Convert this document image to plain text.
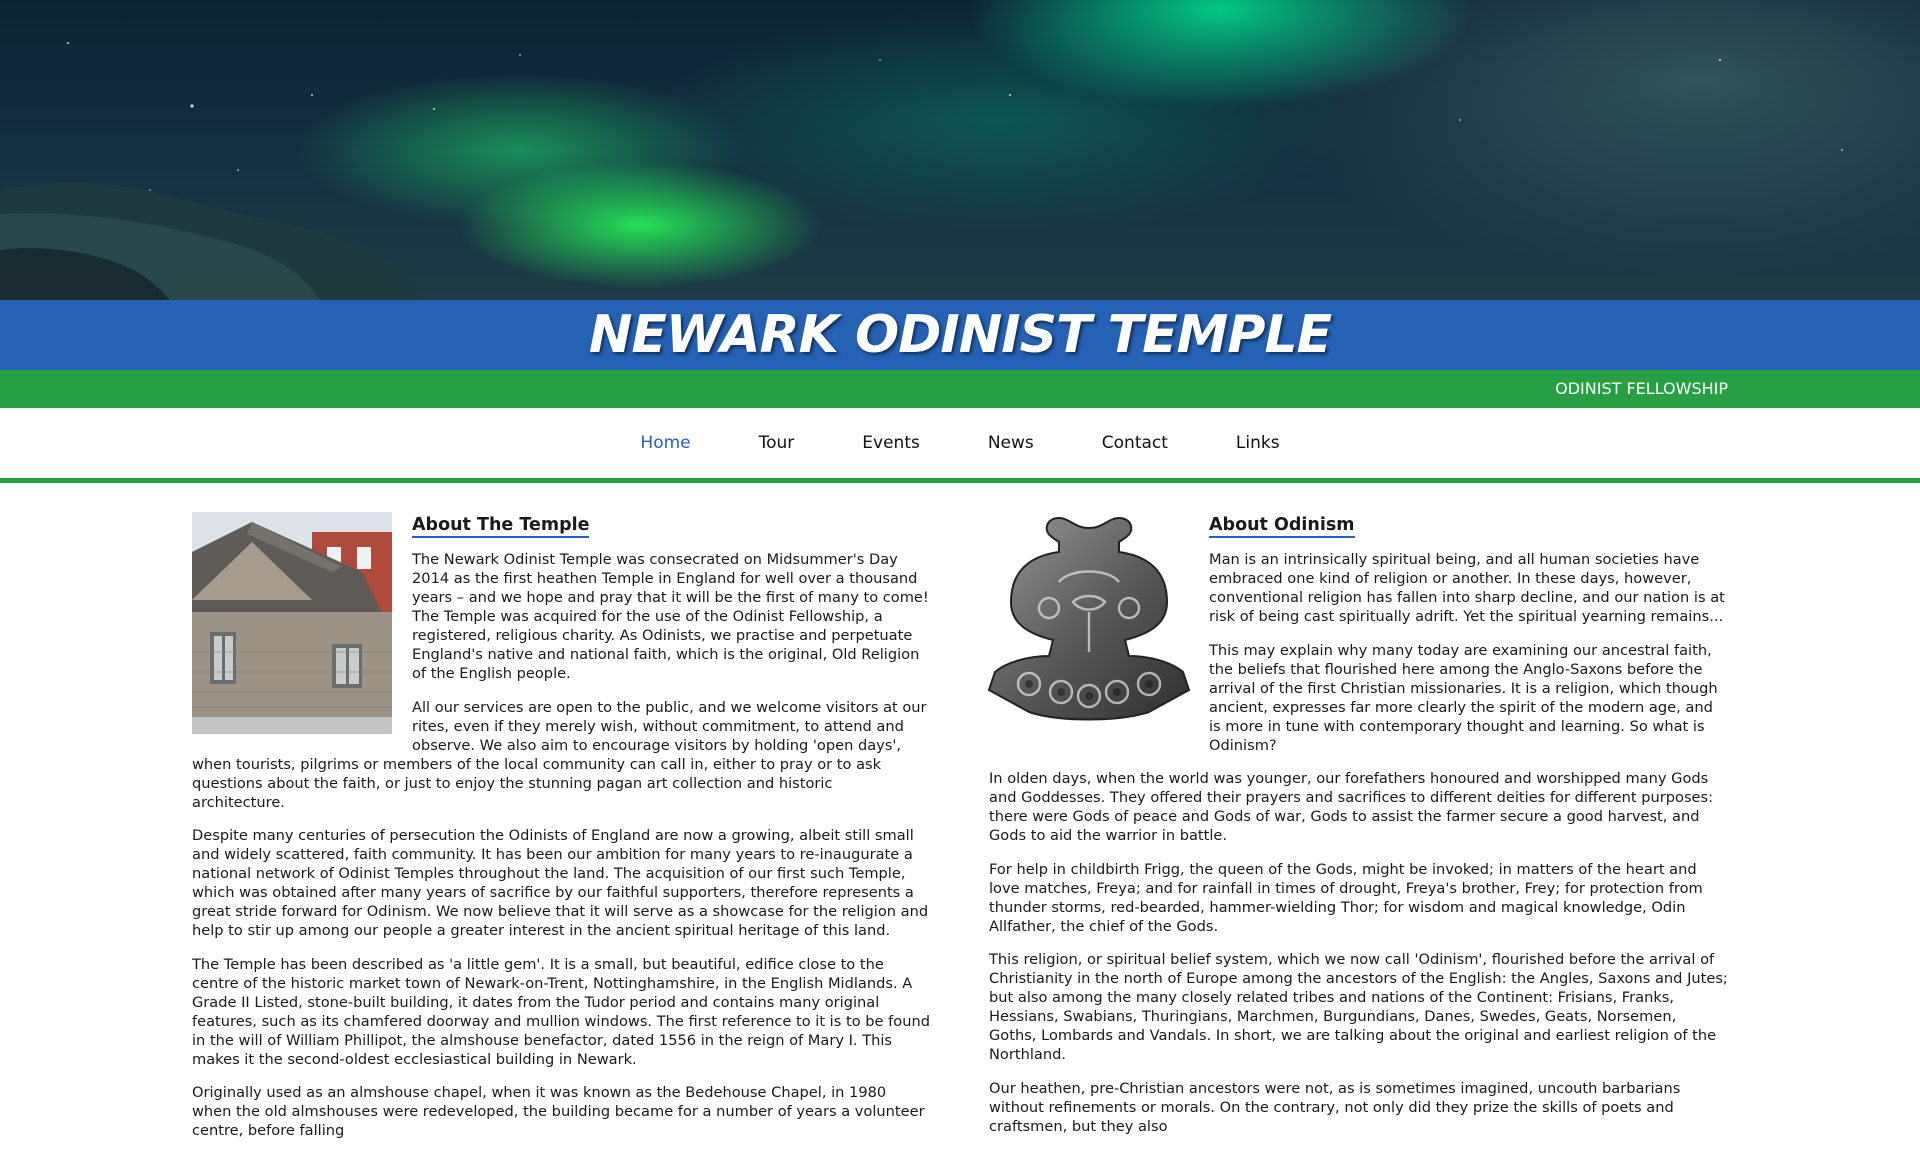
NEWARK ODINIST TEMPLE
ODINIST FELLOWSHIP
Home	Tour	Events	News	Contact	Links
About The Temple

The Newark Odinist Temple was consecrated on Midsummer's Day 2014 as the first heathen Temple in England for well over a thousand years – and we hope and pray that it will be the first of many to come! The Temple was acquired for the use of the Odinist Fellowship, a registered, religious charity. As Odinists, we practise and perpetuate England's native and national faith, which is the original, Old Religion of the English people.

All our services are open to the public, and we welcome visitors at our rites, even if they merely wish, without commitment, to attend and observe. We also aim to encourage visitors by holding 'open days', when tourists, pilgrims or members of the local community can call in, either to pray or to ask questions about the faith, or just to enjoy the stunning pagan art collection and historic architecture.

Despite many centuries of persecution the Odinists of England are now a growing, albeit still small and widely scattered, faith community. It has been our ambition for many years to re-inaugurate a national network of Odinist Temples throughout the land. The acquisition of our first such Temple, which was obtained after many years of sacrifice by our faithful supporters, therefore represents a great stride forward for Odinism. We now believe that it will serve as a showcase for the religion and help to stir up among our people a greater interest in the ancient spiritual heritage of this land.

The Temple has been described as 'a little gem'. It is a small, but beautiful, edifice close to the centre of the historic market town of Newark-on-Trent, Nottinghamshire, in the English Midlands. A Grade II Listed, stone-built building, it dates from the Tudor period and contains many original features, such as its chamfered doorway and mullion windows. The first reference to it is to be found in the will of William Phillipot, the almshouse benefactor, dated 1556 in the reign of Mary I. This makes it the second-oldest ecclesiastical building in Newark.

Originally used as an almshouse chapel, when it was known as the Bedehouse Chapel, in 1980 when the old almshouses were redeveloped, the building became for a number of years a volunteer centre, before falling

About Odinism

Man is an intrinsically spiritual being, and all human societies have embraced one kind of religion or another. In these days, however, conventional religion has fallen into sharp decline, and our nation is at risk of being cast spiritually adrift. Yet the spiritual yearning remains...

This may explain why many today are examining our ancestral faith, the beliefs that flourished here among the Anglo-Saxons before the arrival of the first Christian missionaries. It is a religion, which though ancient, expresses far more clearly the spirit of the modern age, and is more in tune with contemporary thought and learning. So what is Odinism?

In olden days, when the world was younger, our forefathers honoured and worshipped many Gods and Goddesses. They offered their prayers and sacrifices to different deities for different purposes: there were Gods of peace and Gods of war, Gods to assist the farmer secure a good harvest, and Gods to aid the warrior in battle.

For help in childbirth Frigg, the queen of the Gods, might be invoked; in matters of the heart and love matches, Freya; and for rainfall in times of drought, Freya's brother, Frey; for protection from thunder storms, red-bearded, hammer-wielding Thor; for wisdom and magical knowledge, Odin Allfather, the chief of the Gods.

This religion, or spiritual belief system, which we now call 'Odinism', flourished before the arrival of Christianity in the north of Europe among the ancestors of the English: the Angles, Saxons and Jutes; but also among the many closely related tribes and nations of the Continent: Frisians, Franks, Hessians, Swabians, Thuringians, Marchmen, Burgundians, Danes, Swedes, Geats, Norsemen, Goths, Lombards and Vandals. In short, we are talking about the original and earliest religion of the Northland.

Our heathen, pre-Christian ancestors were not, as is sometimes imagined, uncouth barbarians without refinements or morals. On the contrary, not only did they prize the skills of poets and craftsmen, but they also
